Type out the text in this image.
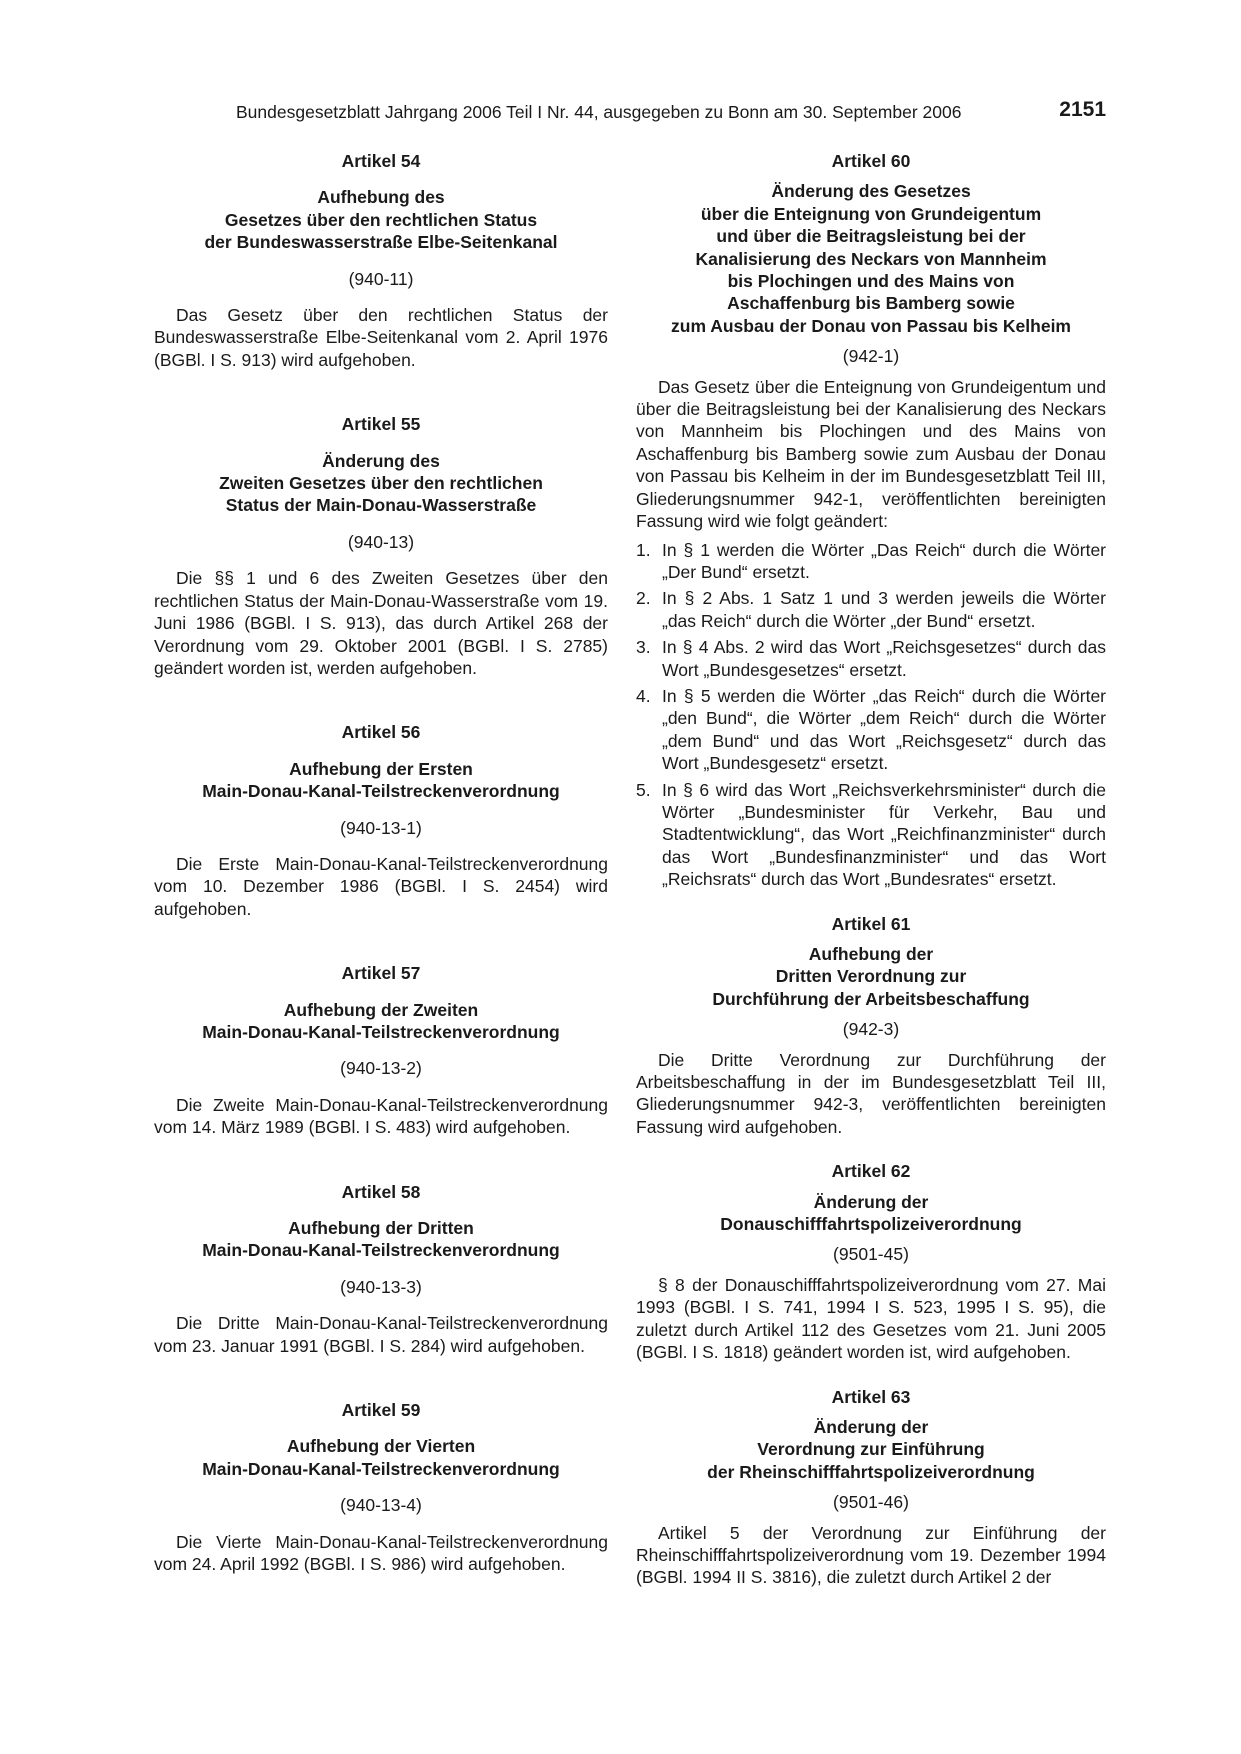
Bundesgesetzblatt Jahrgang 2006 Teil I Nr. 44, ausgegeben zu Bonn am 30. September 2006	2151

Artikel 54

Aufhebung des
Gesetzes über den rechtlichen Status
der Bundeswasserstraße Elbe-Seitenkanal

(940-11)

Das Gesetz über den rechtlichen Status der Bundeswasserstraße Elbe-Seitenkanal vom 2. April 1976 (BGBl. I S. 913) wird aufgehoben.

Artikel 55

Änderung des
Zweiten Gesetzes über den rechtlichen
Status der Main-Donau-Wasserstraße

(940-13)

Die §§ 1 und 6 des Zweiten Gesetzes über den rechtlichen Status der Main-Donau-Wasserstraße vom 19. Juni 1986 (BGBl. I S. 913), das durch Artikel 268 der Verordnung vom 29. Oktober 2001 (BGBl. I S. 2785) geändert worden ist, werden aufgehoben.

Artikel 56

Aufhebung der Ersten
Main-Donau-Kanal-Teilstreckenverordnung

(940-13-1)

Die Erste Main-Donau-Kanal-Teilstreckenverordnung vom 10. Dezember 1986 (BGBl. I S. 2454) wird aufgehoben.

Artikel 57

Aufhebung der Zweiten
Main-Donau-Kanal-Teilstreckenverordnung

(940-13-2)

Die Zweite Main-Donau-Kanal-Teilstreckenverordnung vom 14. März 1989 (BGBl. I S. 483) wird aufgehoben.

Artikel 58

Aufhebung der Dritten
Main-Donau-Kanal-Teilstreckenverordnung

(940-13-3)

Die Dritte Main-Donau-Kanal-Teilstreckenverordnung vom 23. Januar 1991 (BGBl. I S. 284) wird aufgehoben.

Artikel 59

Aufhebung der Vierten
Main-Donau-Kanal-Teilstreckenverordnung

(940-13-4)

Die Vierte Main-Donau-Kanal-Teilstreckenverordnung vom 24. April 1992 (BGBl. I S. 986) wird aufgehoben.

Artikel 60

Änderung des Gesetzes
über die Enteignung von Grundeigentum
und über die Beitragsleistung bei der
Kanalisierung des Neckars von Mannheim
bis Plochingen und des Mains von
Aschaffenburg bis Bamberg sowie
zum Ausbau der Donau von Passau bis Kelheim

(942-1)

Das Gesetz über die Enteignung von Grundeigentum und über die Beitragsleistung bei der Kanalisierung des Neckars von Mannheim bis Plochingen und des Mains von Aschaffenburg bis Bamberg sowie zum Ausbau der Donau von Passau bis Kelheim in der im Bundesgesetzblatt Teil III, Gliederungsnummer 942-1, veröffentlichten bereinigten Fassung wird wie folgt geändert:

1. In § 1 werden die Wörter „Das Reich“ durch die Wörter „Der Bund“ ersetzt.
2. In § 2 Abs. 1 Satz 1 und 3 werden jeweils die Wörter „das Reich“ durch die Wörter „der Bund“ ersetzt.
3. In § 4 Abs. 2 wird das Wort „Reichsgesetzes“ durch das Wort „Bundesgesetzes“ ersetzt.
4. In § 5 werden die Wörter „das Reich“ durch die Wörter „den Bund“, die Wörter „dem Reich“ durch die Wörter „dem Bund“ und das Wort „Reichsgesetz“ durch das Wort „Bundesgesetz“ ersetzt.
5. In § 6 wird das Wort „Reichsverkehrsminister“ durch die Wörter „Bundesminister für Verkehr, Bau und Stadtentwicklung“, das Wort „Reichfinanzminister“ durch das Wort „Bundesfinanzminister“ und das Wort „Reichsrats“ durch das Wort „Bundesrates“ ersetzt.

Artikel 61

Aufhebung der
Dritten Verordnung zur
Durchführung der Arbeitsbeschaffung

(942-3)

Die Dritte Verordnung zur Durchführung der Arbeitsbeschaffung in der im Bundesgesetzblatt Teil III, Gliederungsnummer 942-3, veröffentlichten bereinigten Fassung wird aufgehoben.

Artikel 62

Änderung der
Donauschifffahrtspolizeiverordnung

(9501-45)

§ 8 der Donauschifffahrtspolizeiverordnung vom 27. Mai 1993 (BGBl. I S. 741, 1994 I S. 523, 1995 I S. 95), die zuletzt durch Artikel 112 des Gesetzes vom 21. Juni 2005 (BGBl. I S. 1818) geändert worden ist, wird aufgehoben.

Artikel 63

Änderung der
Verordnung zur Einführung
der Rheinschifffahrtspolizeiverordnung

(9501-46)

Artikel 5 der Verordnung zur Einführung der Rheinschifffahrtspolizeiverordnung vom 19. Dezember 1994 (BGBl. 1994 II S. 3816), die zuletzt durch Artikel 2 der
